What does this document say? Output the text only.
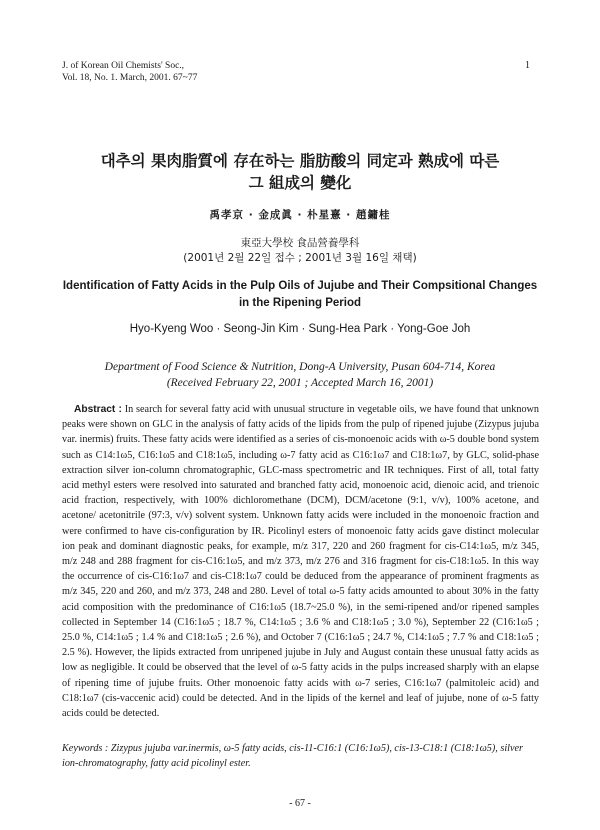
J. of Korean Oil Chemists' Soc.,
Vol. 18, No. 1. March, 2001. 67~77
1
대추의 果肉脂質에 存在하는 脂肪酸의 同定과 熟成에 따른
그 組成의 變化
禹孝京 · 金成眞 · 朴星憙 · 趙鏞桂
東亞大學校 食品營養學科
(2001년 2월 22일 접수 ; 2001년 3월 16일 채택)
Identification of Fatty Acids in the Pulp Oils of Jujube and Their Compsitional Changes in the Ripening Period
Hyo-Kyeng Woo · Seong-Jin Kim · Sung-Hea Park · Yong-Goe Joh
Department of Food Science & Nutrition, Dong-A University, Pusan 604-714, Korea
(Received February 22, 2001 ; Accepted March 16, 2001)

Abstract : In search for several fatty acid with unusual structure in vegetable oils, we have found that unknown peaks were shown on GLC in the analysis of fatty acids of the lipids from the pulp of ripened jujube (Zizypus jujuba var. inermis) fruits. These fatty acids were identified as a series of cis-monoenoic acids with ω-5 double bond system such as C14:1ω5, C16:1ω5 and C18:1ω5, including ω-7 fatty acid as C16:1ω7 and C18:1ω7, by GLC, solid-phase extraction silver ion-column chromatographic, GLC-mass spectrometric and IR techniques. First of all, total fatty acid methyl esters were resolved into saturated and branched fatty acid, monoenoic acid, dienoic acid, and trienoic acid fraction, respectively, with 100% dichloromethane (DCM), DCM/acetone (9:1, v/v), 100% acetone, and acetone/ acetonitrile (97:3, v/v) solvent system. Unknown fatty acids were included in the monoenoic fraction and were confirmed to have cis-configuration by IR. Picolinyl esters of monoenoic fatty acids gave distinct molecular ion peak and dominant diagnostic peaks, for example, m/z 317, 220 and 260 fragment for cis-C14:1ω5, m/z 345, m/z 248 and 288 fragment for cis-C16:1ω5, and m/z 373, m/z 276 and 316 fragment for cis-C18:1ω5. In this way the occurrence of cis-C16:1ω7 and cis-C18:1ω7 could be deduced from the appearance of prominent fragments as m/z 345, 220 and 260, and m/z 373, 248 and 280. Level of total ω-5 fatty acids amounted to about 30% in the fatty acid composition with the predominance of C16:1ω5 (18.7~25.0 %), in the semi-ripened and/or ripened samples collected in September 14 (C16:1ω5 ; 18.7 %, C14:1ω5 ; 3.6 % and C18:1ω5 ; 3.0 %), September 22 (C16:1ω5 ; 25.0 %, C14:1ω5 ; 1.4 % and C18:1ω5 ; 2.6 %), and October 7 (C16:1ω5 ; 24.7 %, C14:1ω5 ; 7.7 % and C18:1ω5 ; 2.5 %). However, the lipids extracted from unripened jujube in July and August contain these unusual fatty acids as low as negligible. It could be observed that the level of ω-5 fatty acids in the pulps increased sharply with an elapse of ripening time of jujube fruits. Other monoenoic fatty acids with ω-7 series, C16:1ω7 (palmitoleic acid) and C18:1ω7 (cis-vaccenic acid) could be detected. And in the lipids of the kernel and leaf of jujube, none of ω-5 fatty acids could be detected.

Keywords : Zizypus jujuba var.inermis, ω-5 fatty acids, cis-11-C16:1 (C16:1ω5), cis-13-C18:1 (C18:1ω5), silver ion-chromatography, fatty acid picolinyl ester.

- 67 -
